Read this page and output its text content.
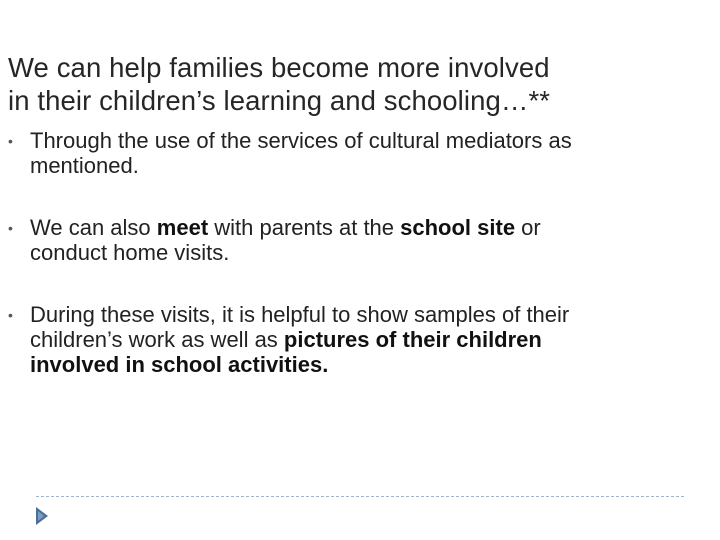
We can help families become more involved
in their children’s learning and schooling…**
• Through the use of the services of cultural mediators as
mentioned.
• We can also meet with parents at the school site or
conduct home visits.
• During these visits, it is helpful to show samples of their
children’s work as well as pictures of their children
involved in school activities.
